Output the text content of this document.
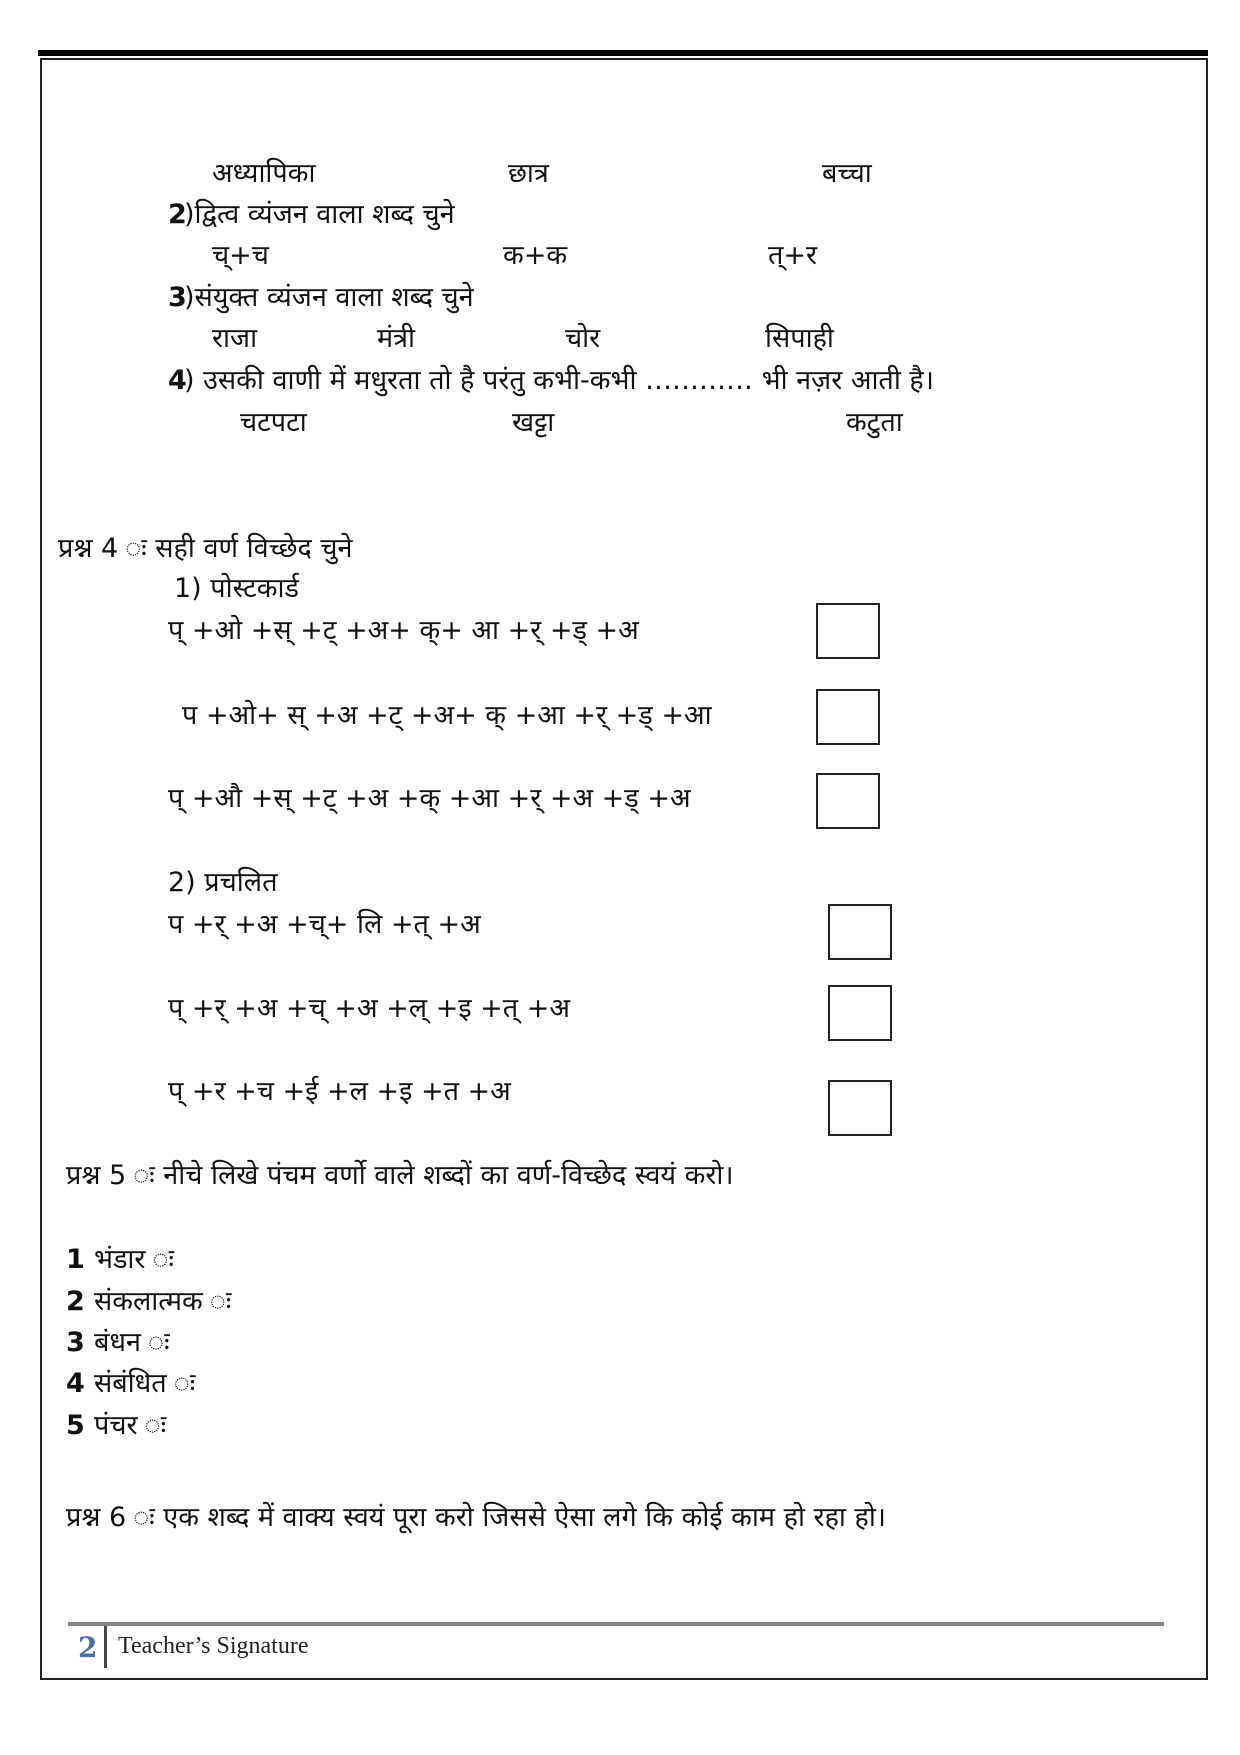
अध्यापिका	छात्र	बच्चा
2
)द्वित्व व्यंजन वाला शब्द चुने
च्+च	क+क	त्+र
3
)संयुक्त व्यंजन वाला शब्द चुने
राजा	मंत्री	चोर	सिपाही
4
) उसकी वाणी में मधुरता तो है परंतु कभी-कभी ………… भी नज़र आती है।
चटपटा	खट्टा	कटुता
प्रश्न 4 ः सही वर्ण विच्छेद चुने
1) पोस्टकार्ड
प् +ओ +स् +ट् +अ+ क्+ आ +र् +ड् +अ
प +ओ+ स् +अ +ट् +अ+ क् +आ +र् +ड् +आ
प् +औ +स् +ट् +अ +क् +आ +र् +अ +ड् +अ
2) प्रचलित
प +र् +अ +च्+ लि +त् +अ
प् +र् +अ +च् +अ +ल् +इ +त् +अ
प् +र +च +ई +ल +इ +त +अ
प्रश्न 5 ः नीचे लिखे पंचम वर्णो वाले शब्दों का वर्ण-विच्छेद स्वयं करो।
1 भंडार ः
2 संकलात्मक ः
3 बंधन ः
4 संबंधित ः
5 पंचर ः
प्रश्न 6 ः एक शब्द में वाक्य स्वयं पूरा करो जिससे ऐसा लगे कि कोई काम हो रहा हो।
2 Teacher’s Signature
